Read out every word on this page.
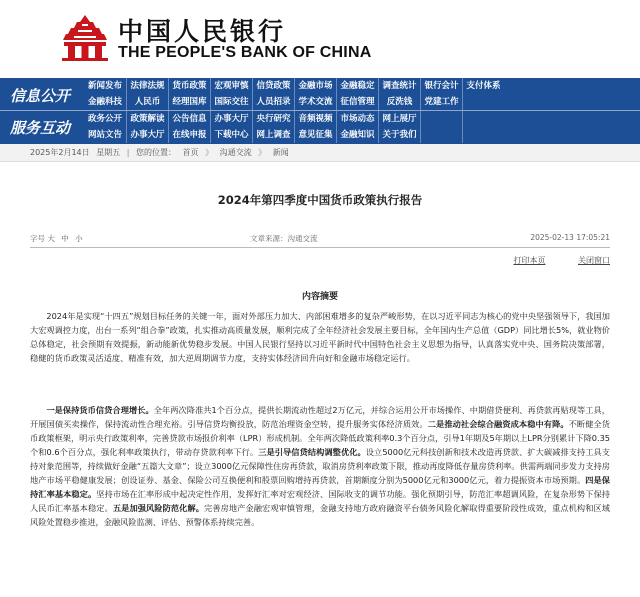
中国人民银行
THE PEOPLE'S BANK OF CHINA
信息公开
服务互动
新闻发布 法律法规 货币政策 宏观审慎 信贷政策 金融市场 金融稳定 调查统计 银行会计 支付体系
金融科技	人民币	经理国库 国际交往 人员招录 学术交流 征信管理	反洗钱	党建工作
政务公开 政策解读 公告信息 办事大厅 央行研究 音频视频 市场动态 网上展厅
网站文告 办事大厅 在线申报 下载中心 网上调查 意见征集 金融知识 关于我们
2025年2月14日 星期五 | 您的位置： 首页 》 沟通交流 》 新闻
2024年第四季度中国货币政策执行报告
字号 大 中 小	文章来源：沟通交流	2025-02-13 17:05:21
打印本页	关闭窗口
内容摘要

2024年是实现“十四五”规划目标任务的关键一年，面对外部压力加大、内部困难增多的复杂严峻形势，在以习近平同志为核心的党中央坚强领导下，我国加大宏观调控力度，出台一系列“组合拳”政策，扎实推动高质量发展，顺利完成了全年经济社会发展主要目标，全年国内生产总值（GDP）同比增长5%，就业物价总体稳定，社会预期有效提振，新动能新优势稳步发展。中国人民银行坚持以习近平新时代中国特色社会主义思想为指导，认真落实党中央、国务院决策部署，稳健的货币政策灵活适度、精准有效，加大逆周期调节力度，支持实体经济回升向好和金融市场稳定运行。

一是保持货币信贷合理增长。全年两次降准共1个百分点，提供长期流动性超过2万亿元，并综合运用公开市场操作、中期借贷便利、再贷款再贴现等工具，开展国债买卖操作，保持流动性合理充裕。引导信贷均衡投放，防范治理资金空转，提升服务实体经济质效。二是推动社会综合融资成本稳中有降。不断健全货币政策框架，明示央行政策利率，完善贷款市场报价利率（LPR）形成机制。全年两次降低政策利率0.3个百分点，引导1年期及5年期以上LPR分别累计下降0.35个和0.6个百分点，强化利率政策执行，带动存贷款利率下行。三是引导信贷结构调整优化。设立5000亿元科技创新和技术改造再贷款、扩大碳减排支持工具支持对象范围等，持续做好金融“五篇大文章”；设立3000亿元保障性住房再贷款，取消房贷利率政策下限，推动再度降低存量房贷利率。供需两端同步发力支持房地产市场平稳健康发展；创设证券、基金、保险公司互换便利和股票回购增持再贷款，首期额度分别为5000亿元和3000亿元，着力提振资本市场预期。四是保持汇率基本稳定。坚持市场在汇率形成中起决定性作用，发挥好汇率对宏观经济、国际收支的调节功能。强化预期引导，防范汇率超调风险，在复杂形势下保持人民币汇率基本稳定。五是加强风险防范化解。完善房地产金融宏观审慎管理，金融支持地方政府融资平台债务风险化解取得重要阶段性成效，重点机构和区域风险处置稳步推进，金融风险监测、评估、预警体系持续完善。
